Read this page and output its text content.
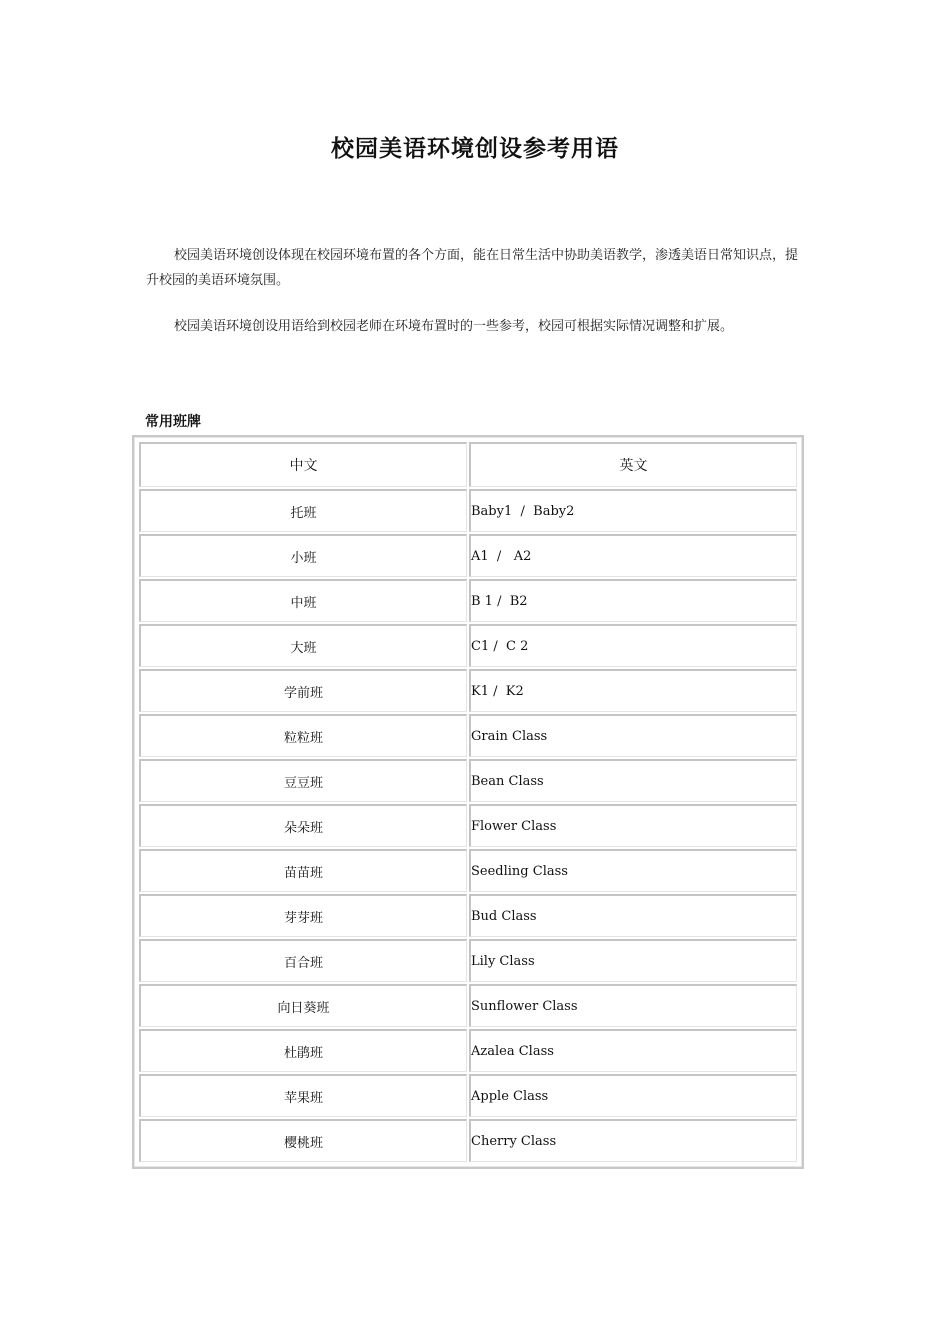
校园美语环境创设参考用语

校园美语环境创设体现在校园环境布置的各个方面，能在日常生活中协助美语教学，渗透美语日常知识点，提升校园的美语环境氛围。

校园美语环境创设用语给到校园老师在环境布置时的一些参考，校园可根据实际情况调整和扩展。

常用班牌
中文	英文
托班	Baby1  /  Baby2
小班	A1  /   A2
中班	B 1 /  B2
大班	C1 /  C 2
学前班	K1 /  K2
粒粒班	Grain Class
豆豆班	Bean Class
朵朵班	Flower Class
苗苗班	Seedling Class
芽芽班	Bud Class
百合班	Lily Class
向日葵班	Sunflower Class
杜鹃班	Azalea Class
苹果班	Apple Class
樱桃班	Cherry Class
